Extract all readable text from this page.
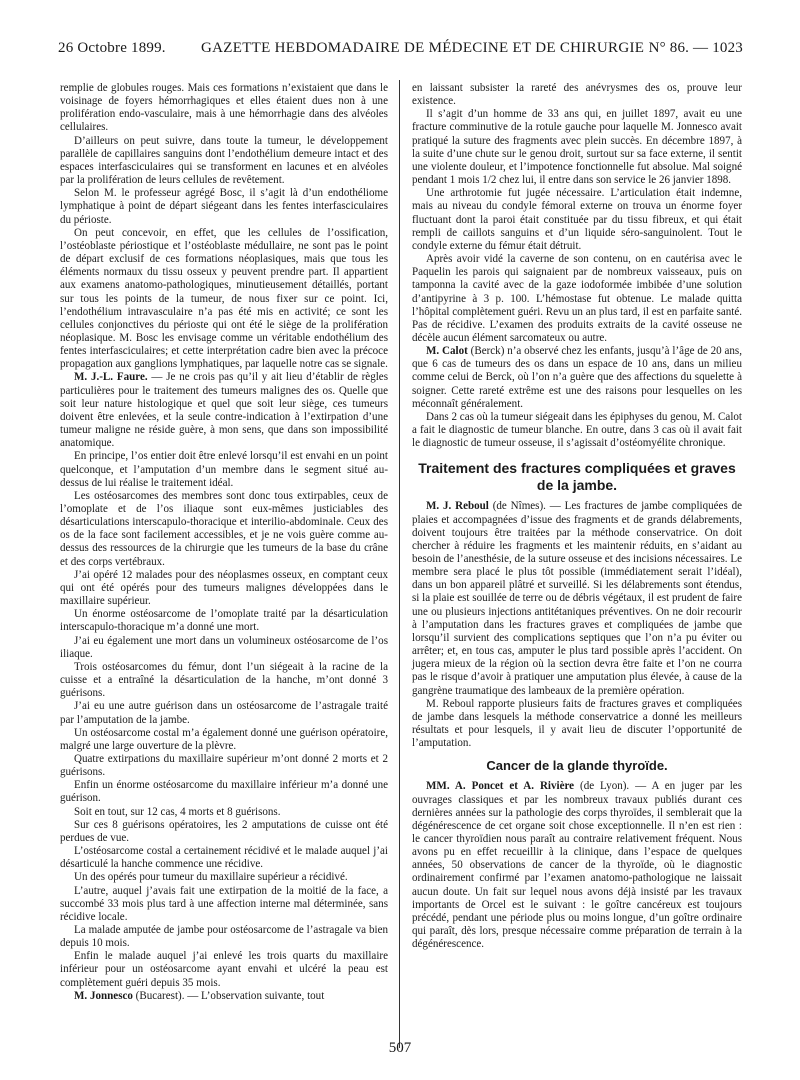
26 Octobre 1899. GAZETTE HEBDOMADAIRE DE MÉDECINE ET DE CHIRURGIE N° 86. — 1023

remplie de globules rouges. Mais ces formations n’existaient que dans le voisinage de foyers hémorrhagiques et elles étaient dues non à une prolifération endo-vasculaire, mais à une hémorrhagie dans des alvéoles cellulaires.

D’ailleurs on peut suivre, dans toute la tumeur, le développement parallèle de capillaires sanguins dont l’endothélium demeure intact et des espaces interfasciculaires qui se transforment en lacunes et en alvéoles par la prolifération de leurs cellules de revêtement.

Selon M. le professeur agrégé Bosc, il s’agit là d’un endothéliome lymphatique à point de départ siégeant dans les fentes interfasciculaires du périoste.

On peut concevoir, en effet, que les cellules de l’ossification, l’ostéoblaste périostique et l’ostéoblaste médullaire, ne sont pas le point de départ exclusif de ces formations néoplasiques, mais que tous les éléments normaux du tissu osseux y peuvent prendre part. Il appartient aux examens anatomo-pathologiques, minutieusement détaillés, portant sur tous les points de la tumeur, de nous fixer sur ce point. Ici, l’endothélium intravasculaire n’a pas été mis en activité; ce sont les cellules conjonctives du périoste qui ont été le siège de la prolifération néoplasique. M. Bosc les envisage comme un véritable endothélium des fentes interfasciculaires; et cette interprétation cadre bien avec la précoce propagation aux ganglions lymphatiques, par laquelle notre cas se signale.

M. J.-L. Faure. — Je ne crois pas qu’il y ait lieu d’établir de règles particulières pour le traitement des tumeurs malignes des os. Quelle que soit leur nature histologique et quel que soit leur siège, ces tumeurs doivent être enlevées, et la seule contre-indication à l’extirpation d’une tumeur maligne ne réside guère, à mon sens, que dans son impossibilité anatomique.

En principe, l’os entier doit être enlevé lorsqu’il est envahi en un point quelconque, et l’amputation d’un membre dans le segment situé au-dessus de lui réalise le traitement idéal.

Les ostéosarcomes des membres sont donc tous extirpables, ceux de l’omoplate et de l’os iliaque sont eux-mêmes justiciables des désarticulations interscapulo-thoracique et interilio-abdominale. Ceux des os de la face sont facilement accessibles, et je ne vois guère comme au-dessus des ressources de la chirurgie que les tumeurs de la base du crâne et des corps vertébraux.

J’ai opéré 12 malades pour des néoplasmes osseux, en comptant ceux qui ont été opérés pour des tumeurs malignes développées dans le maxillaire supérieur.

Un énorme ostéosarcome de l’omoplate traité par la désarticulation interscapulo-thoracique m’a donné une mort.

J’ai eu également une mort dans un volumineux ostéosarcome de l’os iliaque.

Trois ostéosarcomes du fémur, dont l’un siégeait à la racine de la cuisse et a entraîné la désarticulation de la hanche, m’ont donné 3 guérisons.

J’ai eu une autre guérison dans un ostéosarcome de l’astragale traité par l’amputation de la jambe.

Un ostéosarcome costal m’a également donné une guérison opératoire, malgré une large ouverture de la plèvre.

Quatre extirpations du maxillaire supérieur m’ont donné 2 morts et 2 guérisons.

Enfin un énorme ostéosarcome du maxillaire inférieur m’a donné une guérison.

Soit en tout, sur 12 cas, 4 morts et 8 guérisons.

Sur ces 8 guérisons opératoires, les 2 amputations de cuisse ont été perdues de vue.

L’ostéosarcome costal a certainement récidivé et le malade auquel j’ai désarticulé la hanche commence une récidive.

Un des opérés pour tumeur du maxillaire supérieur a récidivé.

L’autre, auquel j’avais fait une extirpation de la moitié de la face, a succombé 33 mois plus tard à une affection interne mal déterminée, sans récidive locale.

La malade amputée de jambe pour ostéosarcome de l’astragale va bien depuis 10 mois.

Enfin le malade auquel j’ai enlevé les trois quarts du maxillaire inférieur pour un ostéosarcome ayant envahi et ulcéré la peau est complètement guéri depuis 35 mois.

M. Jonnesco (Bucarest). — L’observation suivante, tout

en laissant subsister la rareté des anévrysmes des os, prouve leur existence.

Il s’agit d’un homme de 33 ans qui, en juillet 1897, avait eu une fracture comminutive de la rotule gauche pour laquelle M. Jonnesco avait pratiqué la suture des fragments avec plein succès. En décembre 1897, à la suite d’une chute sur le genou droit, surtout sur sa face externe, il sentit une violente douleur, et l’impotence fonctionnelle fut absolue. Mal soigné pendant 1 mois 1/2 chez lui, il entre dans son service le 26 janvier 1898.

Une arthrotomie fut jugée nécessaire. L’articulation était indemne, mais au niveau du condyle fémoral externe on trouva un énorme foyer fluctuant dont la paroi était constituée par du tissu fibreux, et qui était rempli de caillots sanguins et d’un liquide séro-sanguinolent. Tout le condyle externe du fémur était détruit.

Après avoir vidé la caverne de son contenu, on en cautérisa avec le Paquelin les parois qui saignaient par de nombreux vaisseaux, puis on tamponna la cavité avec de la gaze iodoformée imbibée d’une solution d’antipyrine à 3 p. 100. L’hémostase fut obtenue. Le malade quitta l’hôpital complètement guéri. Revu un an plus tard, il est en parfaite santé. Pas de récidive. L’examen des produits extraits de la cavité osseuse ne décèle aucun élément sarcomateux ou autre.

M. Calot (Berck) n’a observé chez les enfants, jusqu’à l’âge de 20 ans, que 6 cas de tumeurs des os dans un espace de 10 ans, dans un milieu comme celui de Berck, où l’on n’a guère que des affections du squelette à soigner. Cette rareté extrême est une des raisons pour lesquelles on les méconnaît généralement.

Dans 2 cas où la tumeur siégeait dans les épiphyses du genou, M. Calot a fait le diagnostic de tumeur blanche. En outre, dans 3 cas où il avait fait le diagnostic de tumeur osseuse, il s’agissait d’ostéomyélite chronique.

Traitement des fractures compliquées et graves de la jambe.

M. J. Reboul (de Nîmes). — Les fractures de jambe compliquées de plaies et accompagnées d’issue des fragments et de grands délabrements, doivent toujours être traitées par la méthode conservatrice. On doit chercher à réduire les fragments et les maintenir réduits, en s’aidant au besoin de l’anesthésie, de la suture osseuse et des incisions nécessaires. Le membre sera placé le plus tôt possible (immédiatement serait l’idéal), dans un bon appareil plâtré et surveillé. Si les délabrements sont étendus, si la plaie est souillée de terre ou de débris végétaux, il est prudent de faire une ou plusieurs injections antitétaniques préventives. On ne doir recourir à l’amputation dans les fractures graves et compliquées de jambe que lorsqu’il survient des complications septiques que l’on n’a pu éviter ou arrêter; et, en tous cas, amputer le plus tard possible après l’accident. On jugera mieux de la région où la section devra être faite et l’on ne courra pas le risque d’avoir à pratiquer une amputation plus élevée, à cause de la gangrène traumatique des lambeaux de la première opération.

M. Reboul rapporte plusieurs faits de fractures graves et compliquées de jambe dans lesquels la méthode conservatrice a donné les meilleurs résultats et pour lesquels, il y avait lieu de discuter l’opportunité de l’amputation.

Cancer de la glande thyroïde.

MM. A. Poncet et A. Rivière (de Lyon). — A en juger par les ouvrages classiques et par les nombreux travaux publiés durant ces dernières années sur la pathologie des corps thyroïdes, il semblerait que la dégénérescence de cet organe soit chose exceptionnelle. Il n’en est rien : le cancer thyroïdien nous paraît au contraire relativement fréquent. Nous avons pu en effet recueillir à la clinique, dans l’espace de quelques années, 50 observations de cancer de la thyroïde, où le diagnostic ordinairement confirmé par l’examen anatomo-pathologique ne laissait aucun doute. Un fait sur lequel nous avons déjà insisté par les travaux importants de Orcel est le suivant : le goître cancéreux est toujours précédé, pendant une période plus ou moins longue, d’un goître ordinaire qui paraît, dès lors, presque nécessaire comme préparation de terrain à la dégénérescence.

507
